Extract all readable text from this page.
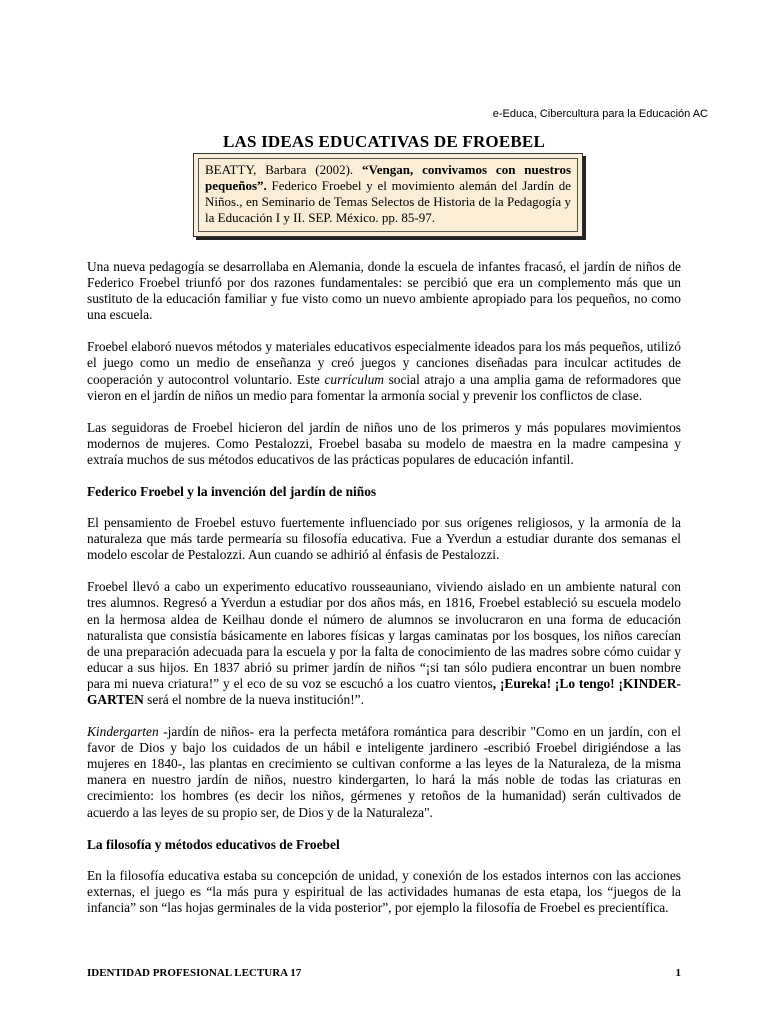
e-Educa, Cibercultura para la Educación AC
LAS IDEAS EDUCATIVAS DE FROEBEL
BEATTY, Barbara (2002). “Vengan, convivamos con nuestros pequeños”. Federico Froebel y el movimiento alemán del Jardín de Niños., en Seminario de Temas Selectos de Historia de la Pedagogía y la Educación I y II. SEP. México. pp. 85-97.

Una nueva pedagogía se desarrollaba en Alemania, donde la escuela de infantes fracasó, el jardín de niños de Federico Froebel triunfó por dos razones fundamentales: se percibió que era un complemento más que un sustituto de la educación familiar y fue visto como un nuevo ambiente apropiado para los pequeños, no como una escuela.

Froebel elaboró nuevos métodos y materiales educativos especialmente ideados para los más pequeños, utilizó el juego como un medio de enseñanza y creó juegos y canciones diseñadas para inculcar actitudes de cooperación y autocontrol voluntario. Este currículum social atrajo a una amplia gama de reformadores que vieron en el jardín de niños un medio para fomentar la armonía social y prevenir los conflictos de clase.

Las seguidoras de Froebel hicieron del jardín de niños uno de los primeros y más populares movimientos modernos de mujeres. Como Pestalozzi, Froebel basaba su modelo de maestra en la madre campesina y extraía muchos de sus métodos educativos de las prácticas populares de educación infantil.

Federico Froebel y la invención del jardín de niños

El pensamiento de Froebel estuvo fuertemente influenciado por sus orígenes religiosos, y la armonía de la naturaleza que más tarde permearía su filosofía educativa. Fue a Yverdun a estudiar durante dos semanas el modelo escolar de Pestalozzi. Aun cuando se adhirió al énfasis de Pestalozzi.

Froebel llevó a cabo un experimento educativo rousseauniano, viviendo aislado en un ambiente natural con tres alumnos. Regresó a Yverdun a estudiar por dos años más, en 1816, Froebel estableció su escuela modelo en la hermosa aldea de Keilhau donde el número de alumnos se involucraron en una forma de educación naturalista que consistía básicamente en labores físicas y largas caminatas por los bosques, los niños carecían de una preparación adecuada para la escuela y por la falta de conocimiento de las madres sobre cómo cuidar y educar a sus hijos. En 1837 abrió su primer jardín de niños “¡si tan sólo pudiera encontrar un buen nombre para mi nueva criatura!” y el eco de su voz se escuchó a los cuatro vientos, ¡Eureka! ¡Lo tengo! ¡KINDER-GARTEN será el nombre de la nueva institución!”.

Kindergarten -jardín de niños- era la perfecta metáfora romántica para describir "Como en un jardín, con el favor de Dios y bajo los cuidados de un hábil e inteligente jardinero -escribió Froebel dirigiéndose a las mujeres en 1840-, las plantas en crecimiento se cultivan conforme a las leyes de la Naturaleza, de la misma manera en nuestro jardín de niños, nuestro kindergarten, lo hará la más noble de todas las criaturas en crecimiento: los hombres (es decir los niños, gérmenes y retoños de la humanidad) serán cultivados de acuerdo a las leyes de su propio ser, de Dios y de la Naturaleza".

La filosofía y métodos educativos de Froebel

En la filosofía educativa estaba su concepción de unidad, y conexión de los estados internos con las acciones externas, el juego es “la más pura y espiritual de las actividades humanas de esta etapa, los “juegos de la infancia” son “las hojas germinales de la vida posterior”, por ejemplo la filosofía de Froebel es precientífica.

IDENTIDAD PROFESIONAL LECTURA 17	1
